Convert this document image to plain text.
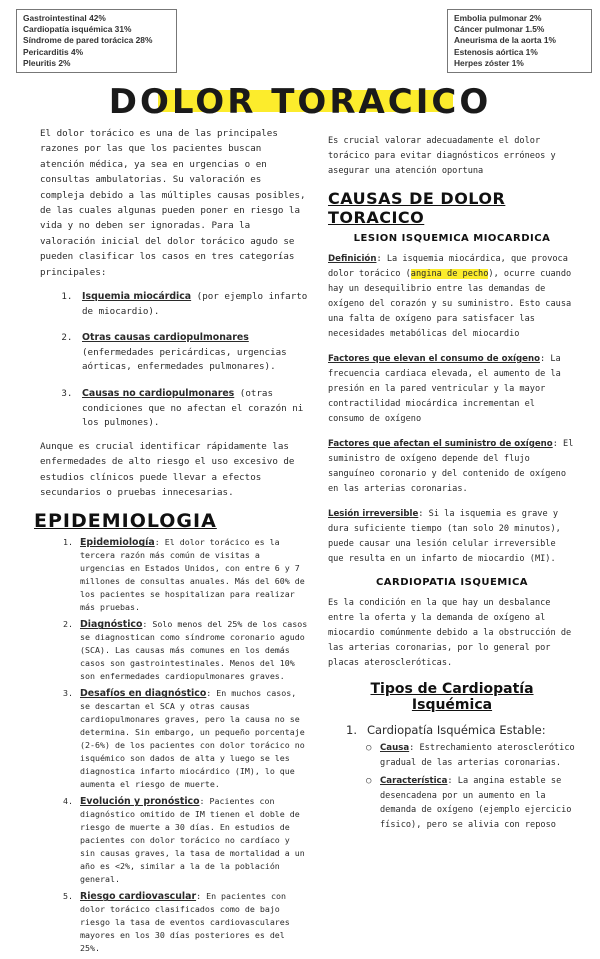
Gastrointestinal 42%
Cardiopatía isquémica 31%
Síndrome de pared torácica 28%
Pericarditis 4%
Pleuritis 2%
Embolia pulmonar 2%
Cáncer pulmonar 1.5%
Aneurisma de la aorta 1%
Estenosis aórtica 1%
Herpes zóster 1%
DOLOR TORACICO

El dolor torácico es una de las principales razones por las que los pacientes buscan atención médica, ya sea en urgencias o en consultas ambulatorias. Su valoración es compleja debido a las múltiples causas posibles, de las cuales algunas pueden poner en riesgo la vida y no deben ser ignoradas. Para la valoración inicial del dolor torácico agudo se pueden clasificar los casos en tres categorías principales:

1. Isquemia miocárdica (por ejemplo infarto de miocardio).
2. Otras causas cardiopulmonares (enfermedades pericárdicas, urgencias aórticas, enfermedades pulmonares).
3. Causas no cardiopulmonares (otras condiciones que no afectan el corazón ni los pulmones).

Aunque es crucial identificar rápidamente las enfermedades de alto riesgo el uso excesivo de estudios clínicos puede llevar a efectos secundarios o pruebas innecesarias.

EPIDEMIOLOGIA
1. Epidemiología: El dolor torácico es la tercera razón más común de visitas a urgencias en Estados Unidos, con entre 6 y 7 millones de consultas anuales. Más del 60% de los pacientes se hospitalizan para realizar más pruebas.
2. Diagnóstico: Solo menos del 25% de los casos se diagnostican como síndrome coronario agudo (SCA). Las causas más comunes en los demás casos son gastrointestinales. Menos del 10% son enfermedades cardiopulmonares graves.
3. Desafíos en diagnóstico: En muchos casos, se descartan el SCA y otras causas cardiopulmonares graves, pero la causa no se determina. Sin embargo, un pequeño porcentaje (2-6%) de los pacientes con dolor torácico no isquémico son dados de alta y luego se les diagnostica infarto miocárdico (IM), lo que aumenta el riesgo de muerte.
4. Evolución y pronóstico: Pacientes con diagnóstico omitido de IM tienen el doble de riesgo de muerte a 30 días. En estudios de pacientes con dolor torácico no cardíaco y sin causas graves, la tasa de mortalidad a un año es <2%, similar a la de la población general.
5. Riesgo cardiovascular: En pacientes con dolor torácico clasificados como de bajo riesgo la tasa de eventos cardiovasculares mayores en los 30 días posteriores es del 25%.

Es crucial valorar adecuadamente el dolor torácico para evitar diagnósticos erróneos y asegurar una atención oportuna

CAUSAS DE DOLOR TORACICO
LESION ISQUEMICA MIOCARDICA

Definición: La isquemia miocárdica, que provoca dolor torácico (angina de pecho), ocurre cuando hay un desequilibrio entre las demandas de oxígeno del corazón y su suministro. Esto causa una falta de oxígeno para satisfacer las necesidades metabólicas del miocardio

Factores que elevan el consumo de oxígeno: La frecuencia cardiaca elevada, el aumento de la presión en la pared ventricular y la mayor contractilidad miocárdica incrementan el consumo de oxígeno

Factores que afectan el suministro de oxígeno: El suministro de oxígeno depende del flujo sanguíneo coronario y del contenido de oxígeno en las arterias coronarias.

Lesión irreversible: Si la isquemia es grave y dura suficiente tiempo (tan solo 20 minutos), puede causar una lesión celular irreversible que resulta en un infarto de miocardio (MI).

CARDIOPATIA ISQUEMICA

Es la condición en la que hay un desbalance entre la oferta y la demanda de oxígeno al miocardio comúnmente debido a la obstrucción de las arterias coronarias, por lo general por placas ateroscleróticas.

Tipos de Cardiopatía Isquémica
1. Cardiopatía Isquémica Estable:
○ Causa: Estrechamiento aterosclerótico gradual de las arterias coronarias.
○ Característica: La angina estable se desencadena por un aumento en la demanda de oxígeno (ejemplo ejercicio físico), pero se alivia con reposo
